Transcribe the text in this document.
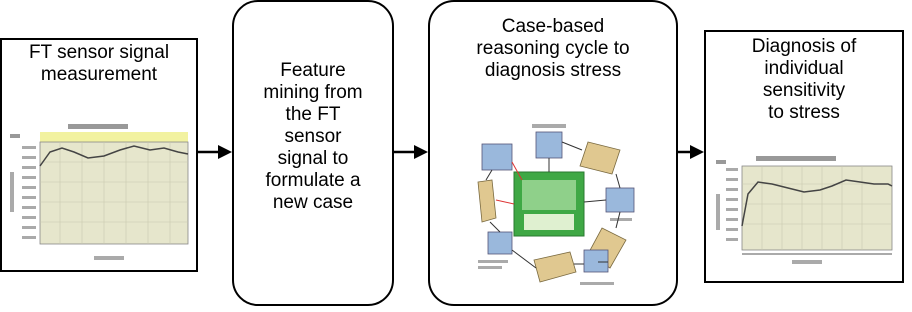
FT sensor signal
measurement	Feature
mining from
the FT
sensor
signal to
formulate a
new case
Case-based
reasoning cycle to
diagnosis stress
Diagnosis of
individual
sensitivity
to stress
